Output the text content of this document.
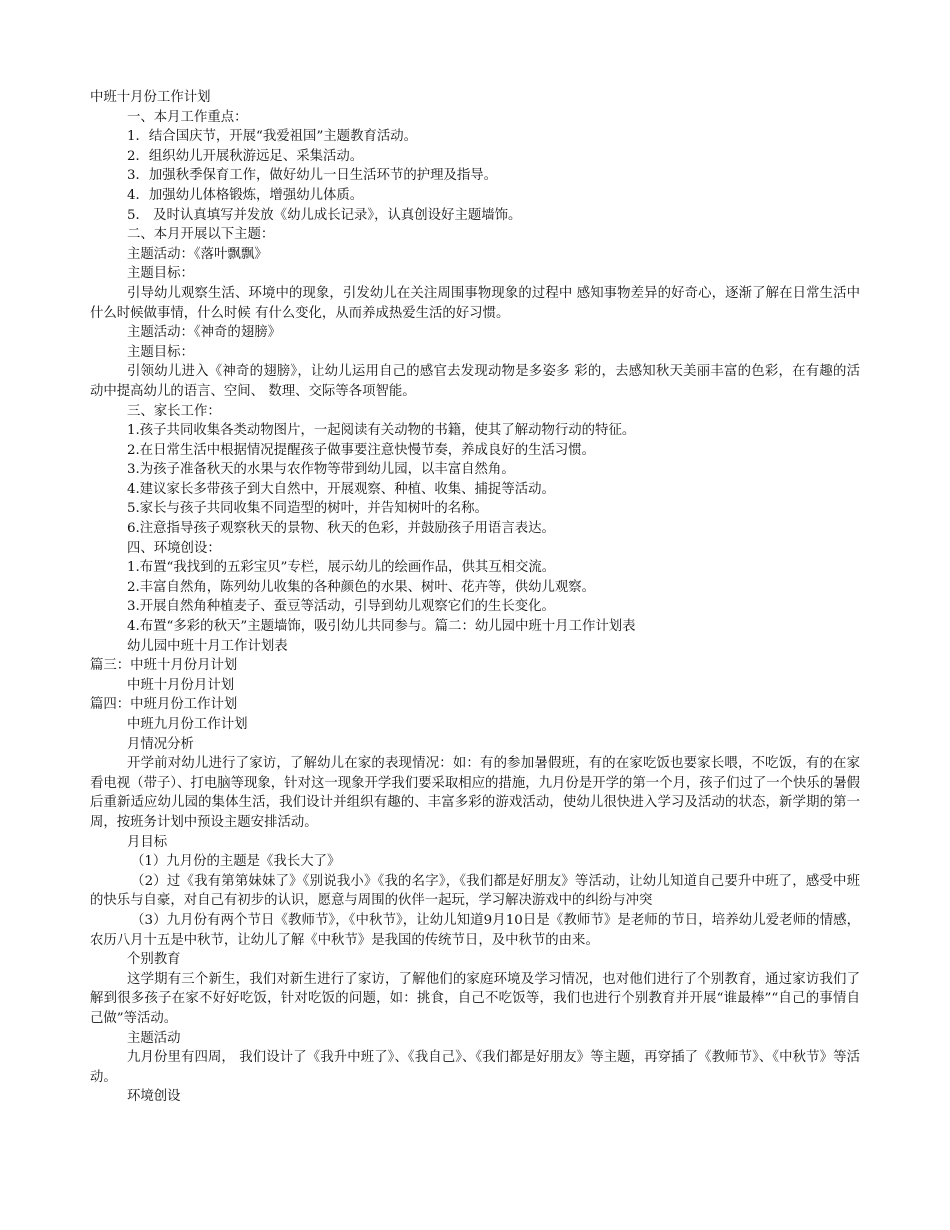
中班十月份工作计划

一、本月工作重点：

1．结合国庆节，开展“我爱祖国”主题教育活动。

2．组织幼儿开展秋游远足、采集活动。

3．加强秋季保育工作，做好幼儿一日生活环节的护理及指导。

4．加强幼儿体格锻炼，增强幼儿体质。

5． 及时认真填写并发放《幼儿成长记录》，认真创设好主题墙饰。

二、本月开展以下主题：

主题活动：《落叶飘飘》

主题目标：

引导幼儿观察生活、环境中的现象，引发幼儿在关注周围事物现象的过程中 感知事物差异的好奇心，逐渐了解在日常生活中什么时候做事情，什么时候 有什么变化，从而养成热爱生活的好习惯。

主题活动：《神奇的翅膀》

主题目标：

引领幼儿进入《神奇的翅膀》，让幼儿运用自己的感官去发现动物是多姿多 彩的，去感知秋天美丽丰富的色彩，在有趣的活动中提高幼儿的语言、空间、 数理、交际等各项智能。

三、家长工作：

1.孩子共同收集各类动物图片，一起阅读有关动物的书籍，使其了解动物行动的特征。

2.在日常生活中根据情况提醒孩子做事要注意快慢节奏，养成良好的生活习惯。

3.为孩子准备秋天的水果与农作物等带到幼儿园，以丰富自然角。

4.建议家长多带孩子到大自然中，开展观察、种植、收集、捕捉等活动。

5.家长与孩子共同收集不同造型的树叶，并告知树叶的名称。

6.注意指导孩子观察秋天的景物、秋天的色彩，并鼓励孩子用语言表达。

四、环境创设：

1.布置“我找到的五彩宝贝”专栏，展示幼儿的绘画作品，供其互相交流。

2.丰富自然角，陈列幼儿收集的各种颜色的水果、树叶、花卉等，供幼儿观察。

3.开展自然角种植麦子、蚕豆等活动，引导到幼儿观察它们的生长变化。

4.布置“多彩的秋天”主题墙饰，吸引幼儿共同参与。篇二：幼儿园中班十月工作计划表

幼儿园中班十月工作计划表

篇三：中班十月份月计划

中班十月份月计划

篇四：中班月份工作计划

中班九月份工作计划

月情况分析

开学前对幼儿进行了家访，了解幼儿在家的表现情况：如：有的参加暑假班，有的在家吃饭也要家长喂，不吃饭，有的在家看电视（带子）、打电脑等现象，针对这一现象开学我们要采取相应的措施，九月份是开学的第一个月，孩子们过了一个快乐的暑假后重新适应幼儿园的集体生活，我们设计并组织有趣的、丰富多彩的游戏活动，使幼儿很快进入学习及活动的状态，新学期的第一周，按班务计划中预设主题安排活动。

月目标

（1）九月份的主题是《我长大了》

（2）过《我有第第妹妹了》《别说我小》《我的名字》，《我们都是好朋友》等活动，让幼儿知道自己要升中班了，感受中班的快乐与自豪，对自己有初步的认识，愿意与周围的伙伴一起玩，学习解决游戏中的纠纷与冲突

（3）九月份有两个节日《教师节》，《中秋节》，让幼儿知道9月10日是《教师节》是老师的节日，培养幼儿爱老师的情感，农历八月十五是中秋节，让幼儿了解《中秋节》是我国的传统节日，及中秋节的由来。

个别教育

这学期有三个新生，我们对新生进行了家访，了解他们的家庭环境及学习情况，也对他们进行了个别教育，通过家访我们了解到很多孩子在家不好好吃饭，针对吃饭的问题，如：挑食，自己不吃饭等，我们也进行个别教育并开展“谁最棒”“自己的事情自己做”等活动。

主题活动

九月份里有四周， 我们设计了《我升中班了》、《我自己》、《我们都是好朋友》等主题，再穿插了《教师节》、《中秋节》等活动。

环境创设
